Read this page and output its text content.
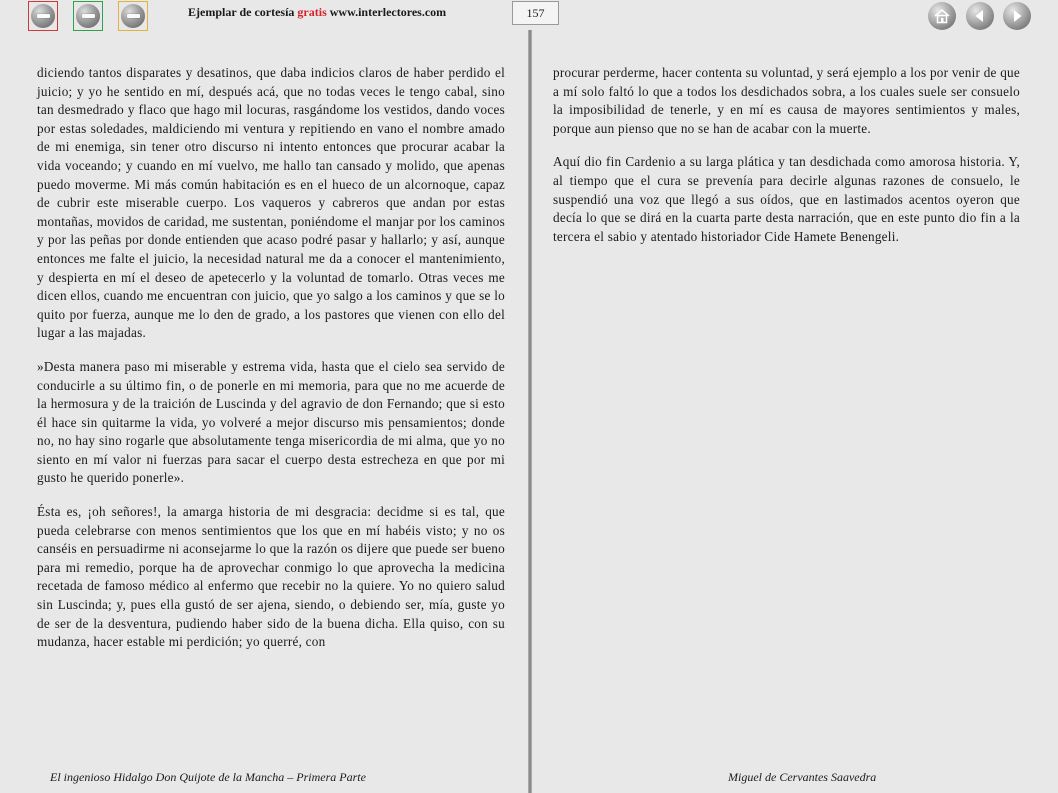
Ejemplar de cortesía gratis www.interlectores.com	157

diciendo tantos disparates y desatinos, que daba indicios claros de haber perdido el juicio; y yo he sentido en mí, después acá, que no todas veces le tengo cabal, sino tan desmedrado y flaco que hago mil locuras, rasgándome los vestidos, dando voces por estas soledades, maldiciendo mi ventura y repitiendo en vano el nombre amado de mi enemiga, sin tener otro discurso ni intento entonces que procurar acabar la vida voceando; y cuando en mí vuelvo, me hallo tan cansado y molido, que apenas puedo moverme. Mi más común habitación es en el hueco de un alcornoque, capaz de cubrir este miserable cuerpo. Los vaqueros y cabreros que andan por estas montañas, movidos de caridad, me sustentan, poniéndome el manjar por los caminos y por las peñas por donde entienden que acaso podré pasar y hallarlo; y así, aunque entonces me falte el juicio, la necesidad natural me da a conocer el mantenimiento, y despierta en mí el deseo de apetecerlo y la voluntad de tomarlo. Otras veces me dicen ellos, cuando me encuentran con juicio, que yo salgo a los caminos y que se lo quito por fuerza, aunque me lo den de grado, a los pastores que vienen con ello del lugar a las majadas.

»Desta manera paso mi miserable y estrema vida, hasta que el cielo sea servido de conducirle a su último fin, o de ponerle en mi memoria, para que no me acuerde de la hermosura y de la traición de Luscinda y del agravio de don Fernando; que si esto él hace sin quitarme la vida, yo volveré a mejor discurso mis pensamientos; donde no, no hay sino rogarle que absolutamente tenga misericordia de mi alma, que yo no siento en mí valor ni fuerzas para sacar el cuerpo desta estrecheza en que por mi gusto he querido ponerle».

Ésta es, ¡oh señores!, la amarga historia de mi desgracia: decidme si es tal, que pueda celebrarse con menos sentimientos que los que en mí habéis visto; y no os canséis en persuadirme ni aconsejarme lo que la razón os dijere que puede ser bueno para mi remedio, porque ha de aprovechar conmigo lo que aprovecha la medicina recetada de famoso médico al enfermo que recebir no la quiere. Yo no quiero salud sin Luscinda; y, pues ella gustó de ser ajena, siendo, o debiendo ser, mía, guste yo de ser de la desventura, pudiendo haber sido de la buena dicha. Ella quiso, con su mudanza, hacer estable mi perdición; yo querré, con

procurar perderme, hacer contenta su voluntad, y será ejemplo a los por venir de que a mí solo faltó lo que a todos los desdichados sobra, a los cuales suele ser consuelo la imposibilidad de tenerle, y en mí es causa de mayores sentimientos y males, porque aun pienso que no se han de acabar con la muerte.

Aquí dio fin Cardenio a su larga plática y tan desdichada como amorosa historia. Y, al tiempo que el cura se prevenía para decirle algunas razones de consuelo, le suspendió una voz que llegó a sus oídos, que en lastimados acentos oyeron que decía lo que se dirá en la cuarta parte desta narración, que en este punto dio fin a la tercera el sabio y atentado historiador Cide Hamete Benengeli.

El ingenioso Hidalgo Don Quijote de la Mancha – Primera Parte	Miguel de Cervantes Saavedra
